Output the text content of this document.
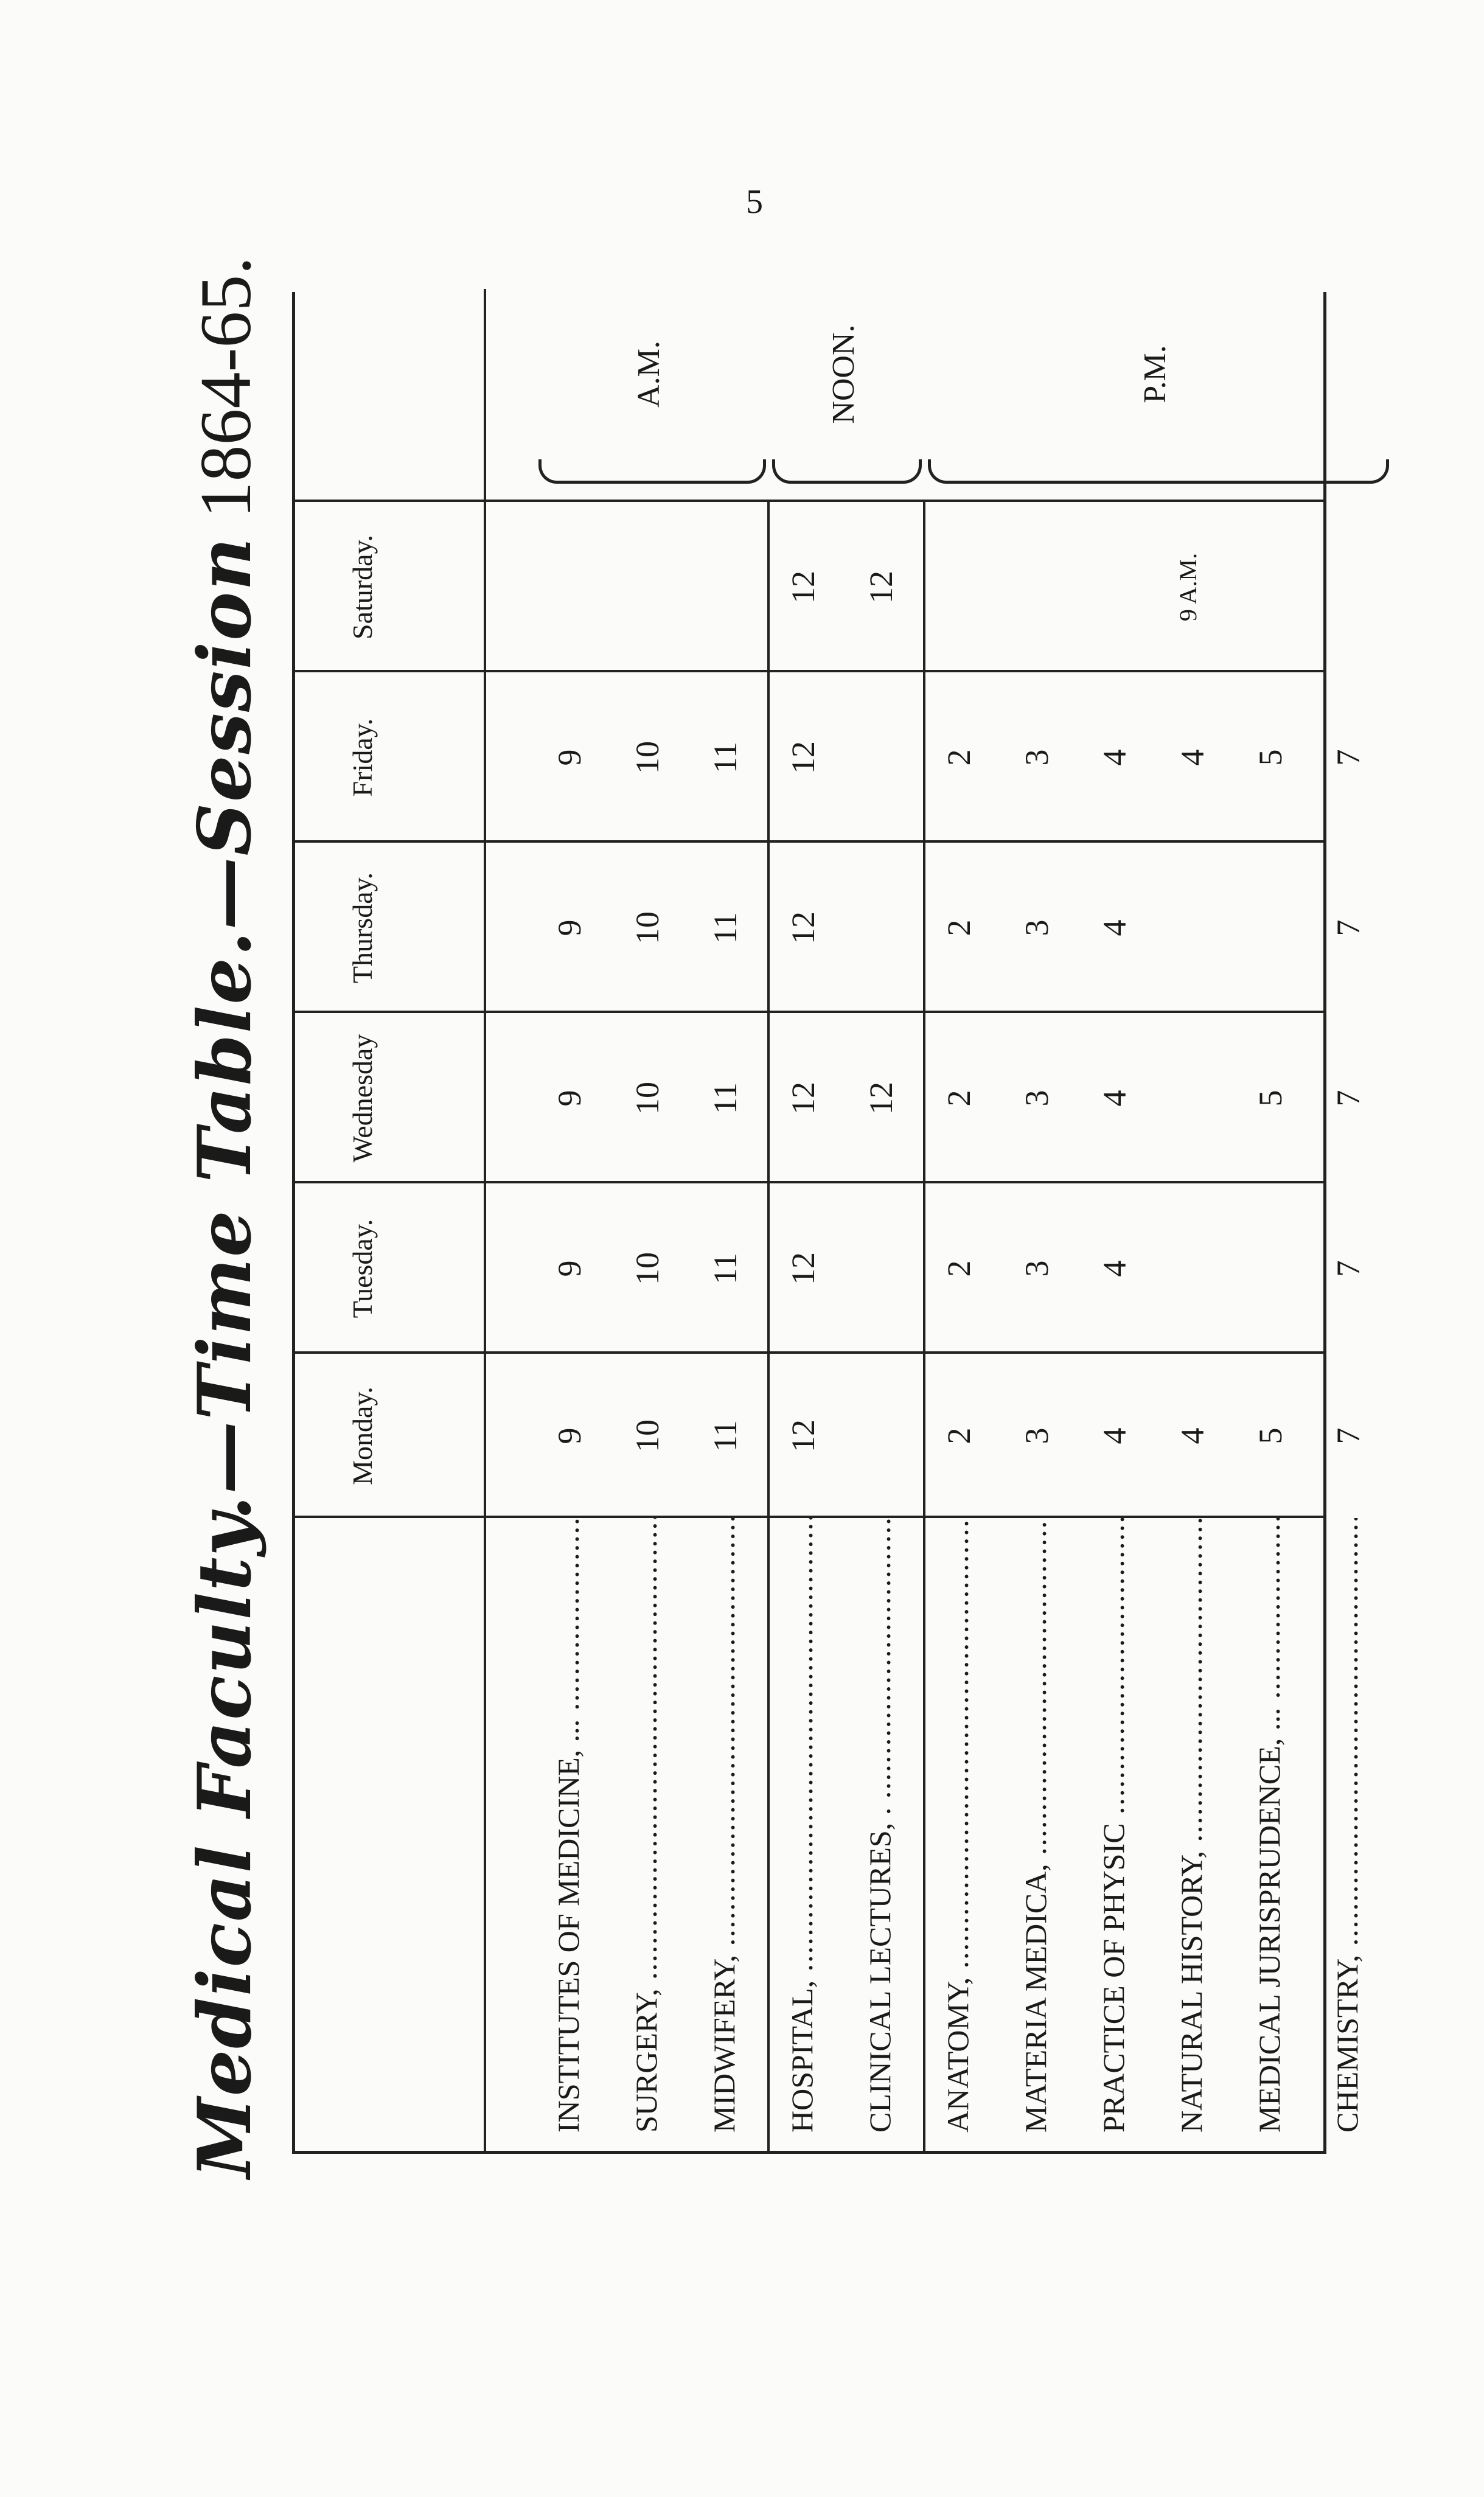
5
Medical Faculty.—Time Table.—Session 1864-65.
Monday.
Tuesday.
Wednesday
Thursday.
Friday.
Saturday.
INSTITUTES OF MEDICINE, ... .....
9
9
9
9
9
SURGERY, .....
10
10
10
10
10
MIDWIFERY, .....
11
11
11
11
11
HOSPITAL, .....
12
12
12
12
12
12
CLINICAL LECTURES, . .....
12
12
ANATOMY, .....
2
2
2
2
2
MATERIA MEDICA, .....
3
3
3
3
3
PRACTICE OF PHYSIC .....
4
4
4
4
4
NATURAL HISTORY, .....
4
4
9 A.M.
MEDICAL JURISPRUDENCE, ... .....
5
5
5
CHEMISTRY, .....
7
7
7
7
7
A.M.	NOON.	P.M.
